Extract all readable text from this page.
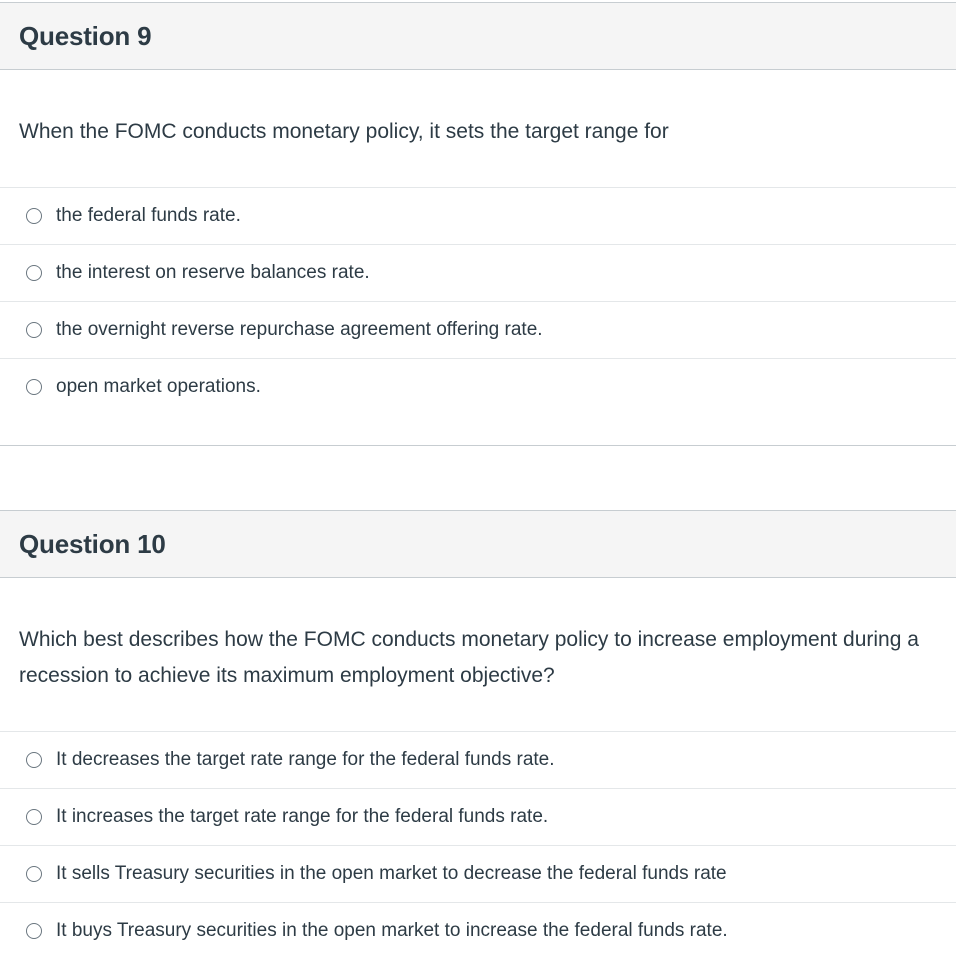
Question 9
When the FOMC conducts monetary policy, it sets the target range for
the federal funds rate.
the interest on reserve balances rate.
the overnight reverse repurchase agreement offering rate.
open market operations.
Question 10
Which best describes how the FOMC conducts monetary policy to increase employment during a recession to achieve its maximum employment objective?
It decreases the target rate range for the federal funds rate.
It increases the target rate range for the federal funds rate.
It sells Treasury securities in the open market to decrease the federal funds rate
It buys Treasury securities in the open market to increase the federal funds rate.
